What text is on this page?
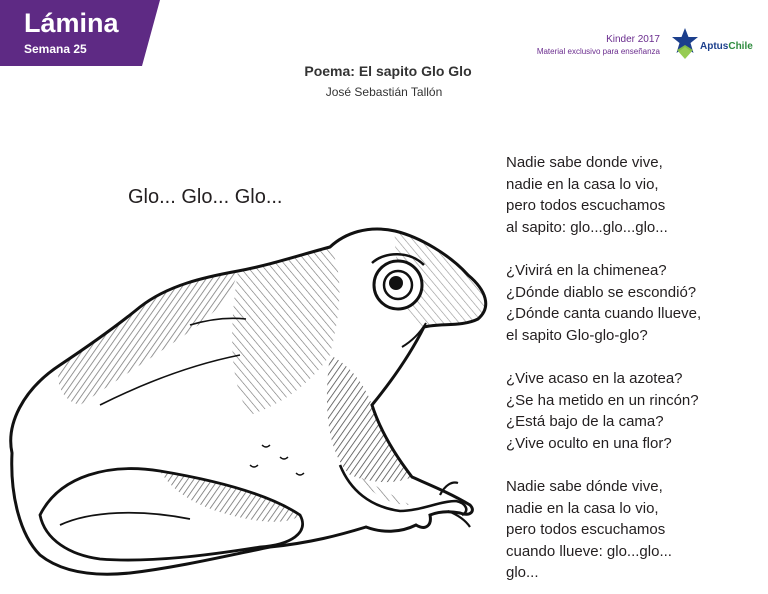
Lámina
Semana 25
Kinder 2017
Material exclusivo para enseñanza	AptusChile
Poema: El sapito Glo Glo
José Sebastián Tallón
Glo... Glo... Glo...
Nadie sabe donde vive,
nadie en la casa lo vio,
pero todos escuchamos
al sapito: glo...glo...glo...
¿Vivirá en la chimenea?
¿Dónde diablo se escondió?
¿Dónde canta cuando llueve,
el sapito Glo-glo-glo?
¿Vive acaso en la azotea?
¿Se ha metido en un rincón?
¿Está bajo de la cama?
¿Vive oculto en una flor?
Nadie sabe dónde vive,
nadie en la casa lo vio,
pero todos escuchamos
cuando llueve: glo...glo...
glo...
